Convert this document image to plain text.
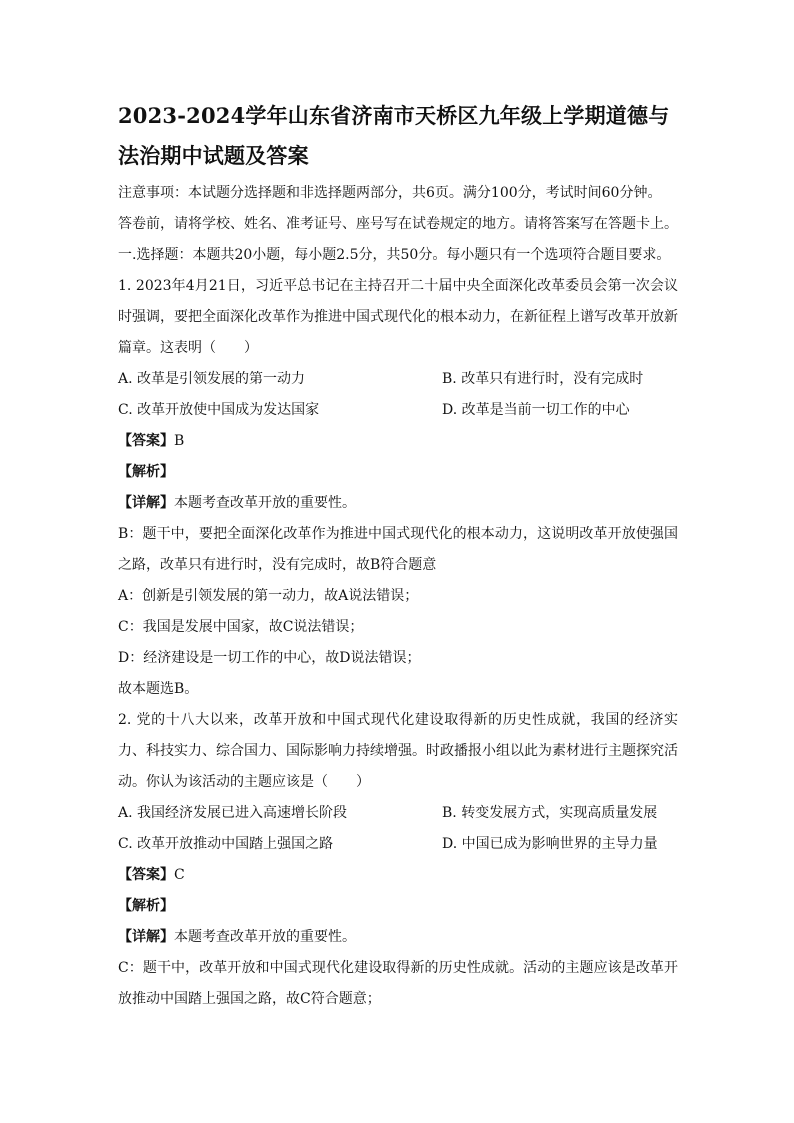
2023-2024学年山东省济南市天桥区九年级上学期道德与法治期中试题及答案

注意事项：本试题分选择题和非选择题两部分，共6页。满分100分，考试时间60分钟。

答卷前，请将学校、姓名、准考证号、座号写在试卷规定的地方。请将答案写在答题卡上。

一.选择题：本题共20小题，每小题2.5分，共50分。每小题只有一个选项符合题目要求。

1. 2023年4月21日，习近平总书记在主持召开二十届中央全面深化改革委员会第一次会议时强调，要把全面深化改革作为推进中国式现代化的根本动力，在新征程上谱写改革开放新篇章。这表明（　　）

A. 改革是引领发展的第一动力	B. 改革只有进行时，没有完成时
C. 改革开放使中国成为发达国家	D. 改革是当前一切工作的中心

【答案】B

【解析】

【详解】本题考查改革开放的重要性。

B：题干中，要把全面深化改革作为推进中国式现代化的根本动力，这说明改革开放使强国之路，改革只有进行时，没有完成时，故B符合题意

A：创新是引领发展的第一动力，故A说法错误；

C：我国是发展中国家，故C说法错误；

D：经济建设是一切工作的中心，故D说法错误；

故本题选B。

2. 党的十八大以来，改革开放和中国式现代化建设取得新的历史性成就，我国的经济实力、科技实力、综合国力、国际影响力持续增强。时政播报小组以此为素材进行主题探究活动。你认为该活动的主题应该是（　　）

A. 我国经济发展已进入高速增长阶段	B. 转变发展方式，实现高质量发展
C. 改革开放推动中国踏上强国之路	D. 中国已成为影响世界的主导力量

【答案】C

【解析】

【详解】本题考查改革开放的重要性。

C：题干中，改革开放和中国式现代化建设取得新的历史性成就。活动的主题应该是改革开放推动中国踏上强国之路，故C符合题意；
